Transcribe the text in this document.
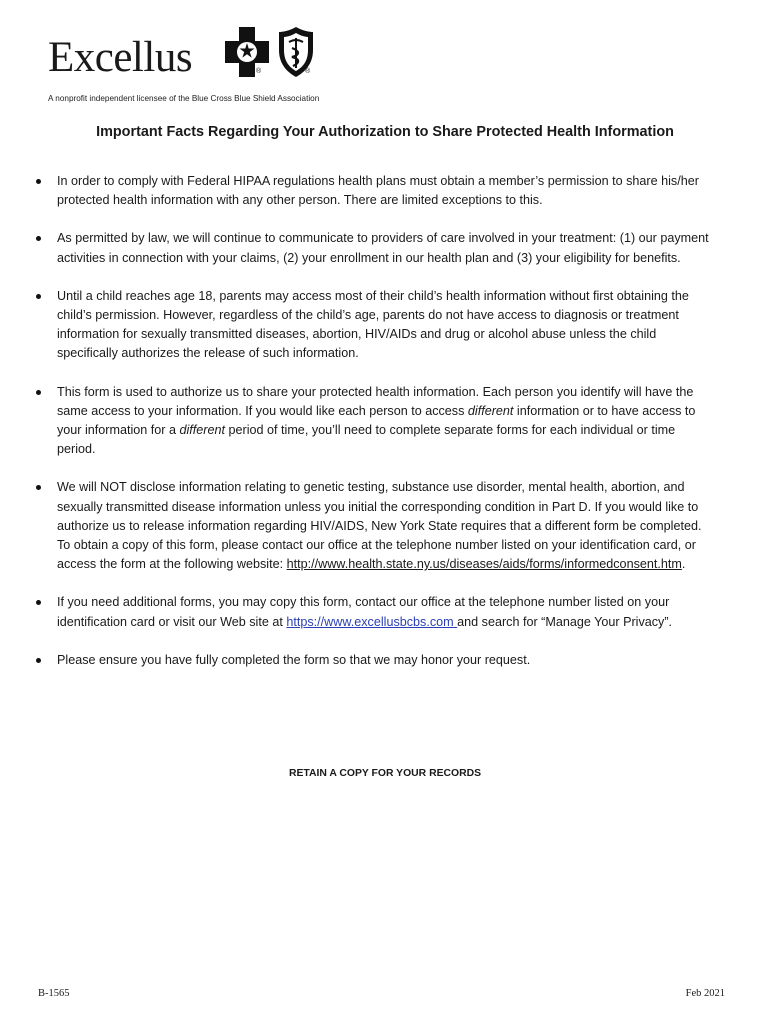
Excellus	®	®
A nonprofit independent licensee of the Blue Cross Blue Shield Association
Important Facts Regarding Your Authorization to Share Protected Health Information
In order to comply with Federal HIPAA regulations health plans must obtain a member’s permission to share his/her protected health information with any other person. There are limited exceptions to this.
As permitted by law, we will continue to communicate to providers of care involved in your treatment: (1) our payment activities in connection with your claims, (2) your enrollment in our health plan and (3) your eligibility for benefits.
Until a child reaches age 18, parents may access most of their child’s health information without first obtaining the child’s permission. However, regardless of the child’s age, parents do not have access to diagnosis or treatment information for sexually transmitted diseases, abortion, HIV/AIDs and drug or alcohol abuse unless the child specifically authorizes the release of such information.
This form is used to authorize us to share your protected health information. Each person you identify will have the same access to your information. If you would like each person to access different information or to have access to your information for a different period of time, you’ll need to complete separate forms for each individual or time period.
We will NOT disclose information relating to genetic testing, substance use disorder, mental health, abortion, and sexually transmitted disease information unless you initial the corresponding condition in Part D. If you would like to authorize us to release information regarding HIV/AIDS, New York State requires that a different form be completed. To obtain a copy of this form, please contact our office at the telephone number listed on your identification card, or access the form at the following website: http://www.health.state.ny.us/diseases/aids/forms/informedconsent.htm.
If you need additional forms, you may copy this form, contact our office at the telephone number listed on your identification card or visit our Web site at https://www.excellusbcbs.com and search for “Manage Your Privacy”.
Please ensure you have fully completed the form so that we may honor your request.
RETAIN A COPY FOR YOUR RECORDS
B-1565	Feb 2021
